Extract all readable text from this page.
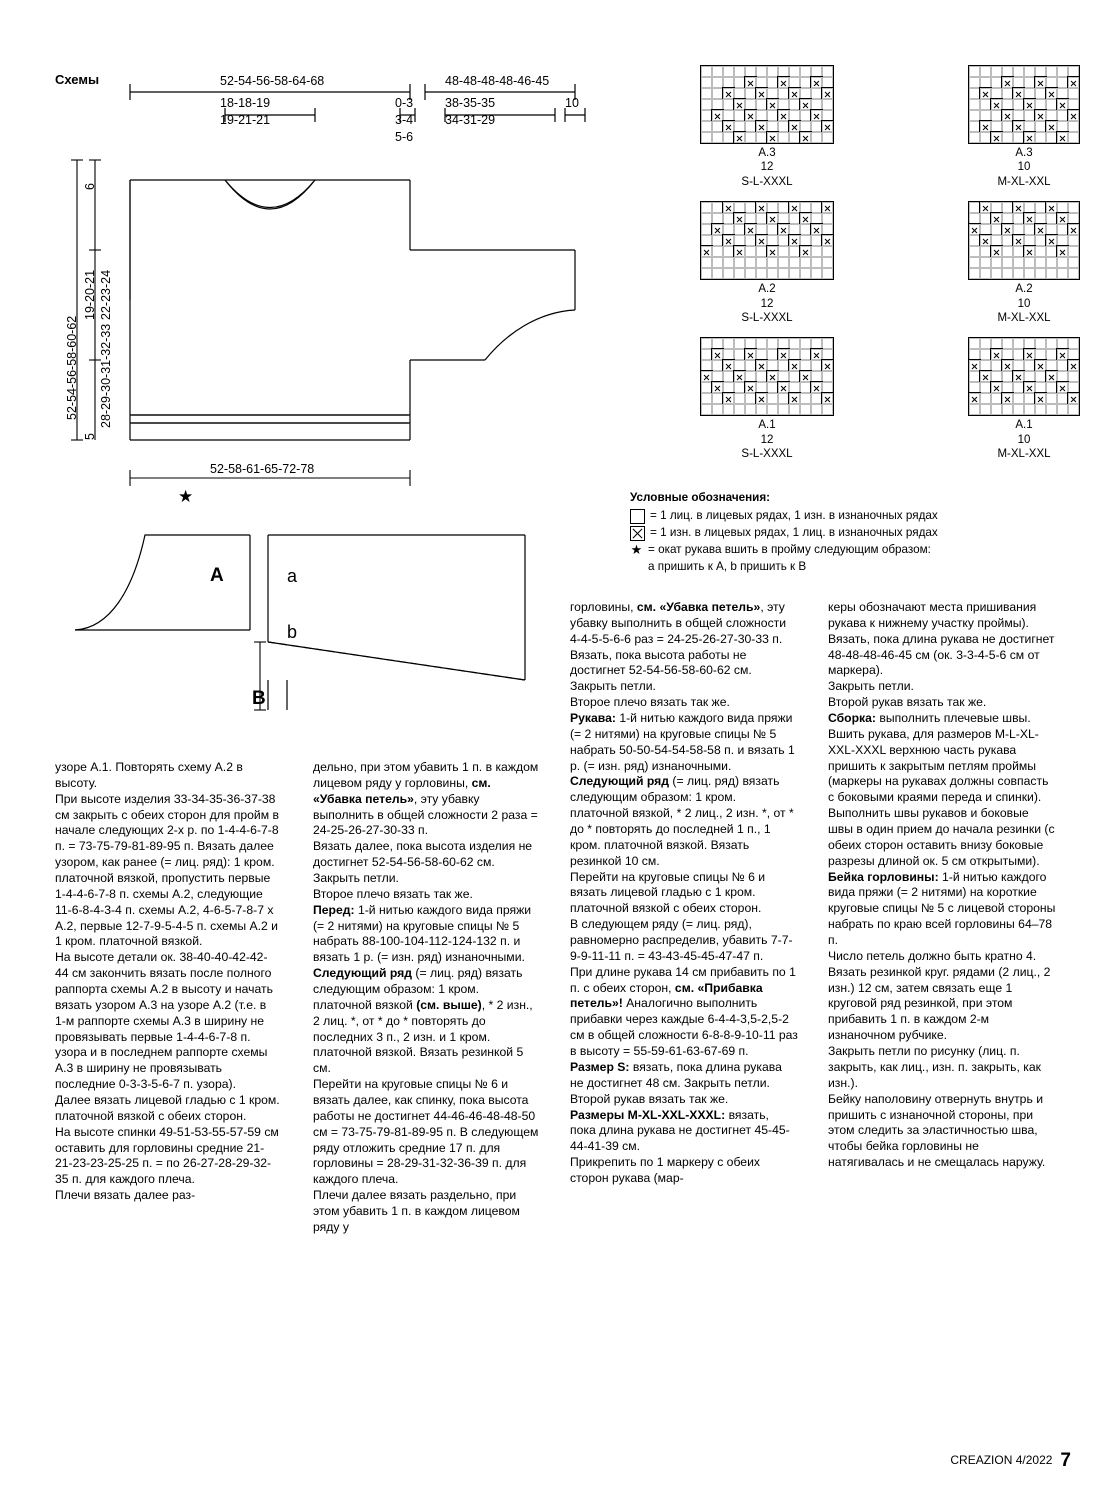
Схемы	52-54-56-58-64-68	48-48-48-48-46-45
18-18-19
19-21-21
0-3
3-4
5-6
38-35-35
34-31-29
10
6
19-20-21 22-23-24
52-54-56-58-60-62
5
28-29-30-31-32-33
52-58-61-65-72-78
★
A	a
b
B
A.3
12
S-L-XXXL
A.3
10
M-XL-XXL
A.2
12
S-L-XXXL
A.2
10
M-XL-XXL
A.1
12
S-L-XXXL
A.1
10
M-XL-XXL
Условные обозначения:
= 1 лиц. в лицевых рядах, 1 изн. в изнаночных рядах
= 1 изн. в лицевых рядах, 1 лиц. в изнаночных рядах
★ = окат рукава вшить в пройму следующим образом:
а пришить к A, b пришить к B

узоре А.1. Повторять схему А.2 в высоту.

При высоте изделия 33-34-35-36-37-38 см закрыть с обеих сторон для пройм в начале следующих 2-х р. по 1-4-4-6-7-8 п. = 73-75-79-81-89-95 п. Вязать далее узором, как ранее (= лиц. ряд): 1 кром. платочной вязкой, пропустить первые 1-4-4-6-7-8 п. схемы А.2, следующие 11-6-8-4-3-4 п. схемы А.2, 4-6-5-7-8-7 х А.2, первые 12-7-9-5-4-5 п. схемы А.2 и 1 кром. платочной вязкой.

На высоте детали ок. 38-40-40-42-42-44 см закончить вязать после полного раппорта схемы А.2 в высоту и начать вязать узором А.3 на узоре А.2 (т.е. в 1-м раппорте схемы А.3 в ширину не провязывать первые 1-4-4-6-7-8 п. узора и в последнем раппорте схемы А.3 в ширину не провязывать последние 0-3-3-5-6-7 п. узора).

Далее вязать лицевой гладью с 1 кром. платочной вязкой с обеих сторон.

На высоте спинки 49-51-53-55-57-59 см оставить для горловины средние 21-21-23-23-25-25 п. = по 26-27-28-29-32-35 п. для каждого плеча.

Плечи вязать далее раз-

дельно, при этом убавить 1 п. в каждом лицевом ряду у горловины, см. «Убавка петель», эту убавку выполнить в общей сложности 2 раза = 24-25-26-27-30-33 п.

Вязать далее, пока высота изделия не достигнет 52-54-56-58-60-62 см.

Закрыть петли.

Второе плечо вязать так же.

Перед: 1-й нитью каждого вида пряжи (= 2 нитями) на круговые спицы № 5 набрать 88-100-104-112-124-132 п. и вязать 1 р. (= изн. ряд) изнаночными.

Следующий ряд (= лиц. ряд) вязать следующим образом: 1 кром. платочной вязкой (см. выше), * 2 изн., 2 лиц. *, от * до * повторять до последних 3 п., 2 изн. и 1 кром. платочной вязкой. Вязать резинкой 5 см.

Перейти на круговые спицы № 6 и вязать далее, как спинку, пока высота работы не достигнет 44-46-46-48-48-50 см = 73-75-79-81-89-95 п. В следующем ряду отложить средние 17 п. для горловины = 28-29-31-32-36-39 п. для каждого плеча.

Плечи далее вязать раздельно, при этом убавить 1 п. в каждом лицевом ряду у

горловины, см. «Убавка петель», эту убавку выполнить в общей сложности 4-4-5-5-6-6 раз = 24-25-26-27-30-33 п.

Вязать, пока высота работы не достигнет 52-54-56-58-60-62 см.

Закрыть петли.

Второе плечо вязать так же.

Рукава: 1-й нитью каждого вида пряжи (= 2 нитями) на круговые спицы № 5 набрать 50-50-54-54-58-58 п. и вязать 1 р. (= изн. ряд) изнаночными.

Следующий ряд (= лиц. ряд) вязать следующим образом: 1 кром. платочной вязкой, * 2 лиц., 2 изн. *, от * до * повторять до последней 1 п., 1 кром. платочной вязкой. Вязать резинкой 10 см.

Перейти на круговые спицы № 6 и вязать лицевой гладью с 1 кром. платочной вязкой с обеих сторон.

В следующем ряду (= лиц. ряд), равномерно распределив, убавить 7-7-9-9-11-11 п. = 43-43-45-45-47-47 п.

При длине рукава 14 см прибавить по 1 п. с обеих сторон, см. «Прибавка петель»! Аналогично выполнить прибавки через каждые 6-4-4-3,5-2,5-2 см в общей сложности 6-8-8-9-10-11 раз в высоту = 55-59-61-63-67-69 п.

Размер S: вязать, пока длина рукава не достигнет 48 см. Закрыть петли.

Второй рукав вязать так же.

Размеры M-XL-XXL-XXXL: вязать, пока длина рукава не достигнет 45-45-44-41-39 см.

Прикрепить по 1 маркеру с обеих сторон рукава (мар-

керы обозначают места пришивания рукава к нижнему участку проймы).

Вязать, пока длина рукава не достигнет 48-48-48-46-45 см (ок. 3-3-4-5-6 см от маркера).

Закрыть петли.

Второй рукав вязать так же.

Сборка: выполнить плечевые швы. Вшить рукава, для размеров M-L-XL-XXL-XXXL верхнюю часть рукава пришить к закрытым петлям проймы (маркеры на рукавах должны совпасть с боковыми краями переда и спинки).

Выполнить швы рукавов и боковые швы в один прием до начала резинки (с обеих сторон оставить внизу боковые разрезы длиной ок. 5 см открытыми).

Бейка горловины: 1-й нитью каждого вида пряжи (= 2 нитями) на короткие круговые спицы № 5 с лицевой стороны набрать по краю всей горловины 64–78 п.

Число петель должно быть кратно 4.

Вязать резинкой круг. рядами (2 лиц., 2 изн.) 12 см, затем связать еще 1 круговой ряд резинкой, при этом прибавить 1 п. в каждом 2-м изнаночном рубчике.

Закрыть петли по рисунку (лиц. п. закрыть, как лиц., изн. п. закрыть, как изн.).

Бейку наполовину отвернуть внутрь и пришить с изнаночной стороны, при этом следить за эластичностью шва, чтобы бейка горловины не натягивалась и не смещалась наружу.

CREAZION 4/2022 7
